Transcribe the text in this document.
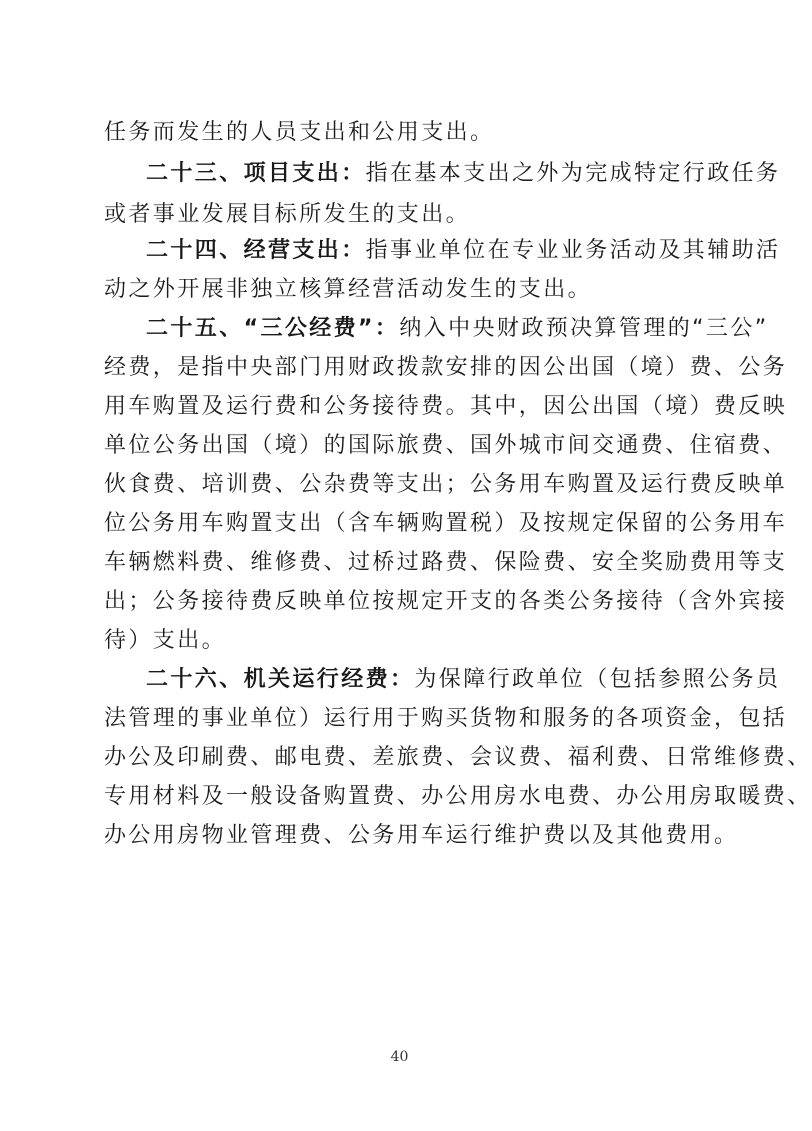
任务而发生的人员支出和公用支出。
二十三、项目支出：指在基本支出之外为完成特定行政任务
或者事业发展目标所发生的支出。
二十四、经营支出：指事业单位在专业业务活动及其辅助活
动之外开展非独立核算经营活动发生的支出。
二十五、“三公经费”：纳入中央财政预决算管理的“三公”
经费，是指中央部门用财政拨款安排的因公出国（境）费、公务
用车购置及运行费和公务接待费。其中，因公出国（境）费反映
单位公务出国（境）的国际旅费、国外城市间交通费、住宿费、
伙食费、培训费、公杂费等支出；公务用车购置及运行费反映单
位公务用车购置支出（含车辆购置税）及按规定保留的公务用车
车辆燃料费、维修费、过桥过路费、保险费、安全奖励费用等支
出；公务接待费反映单位按规定开支的各类公务接待（含外宾接
待）支出。
二十六、机关运行经费：为保障行政单位（包括参照公务员
法管理的事业单位）运行用于购买货物和服务的各项资金，包括
办公及印刷费、邮电费、差旅费、会议费、福利费、日常维修费、
专用材料及一般设备购置费、办公用房水电费、办公用房取暖费、
办公用房物业管理费、公务用车运行维护费以及其他费用。
40
